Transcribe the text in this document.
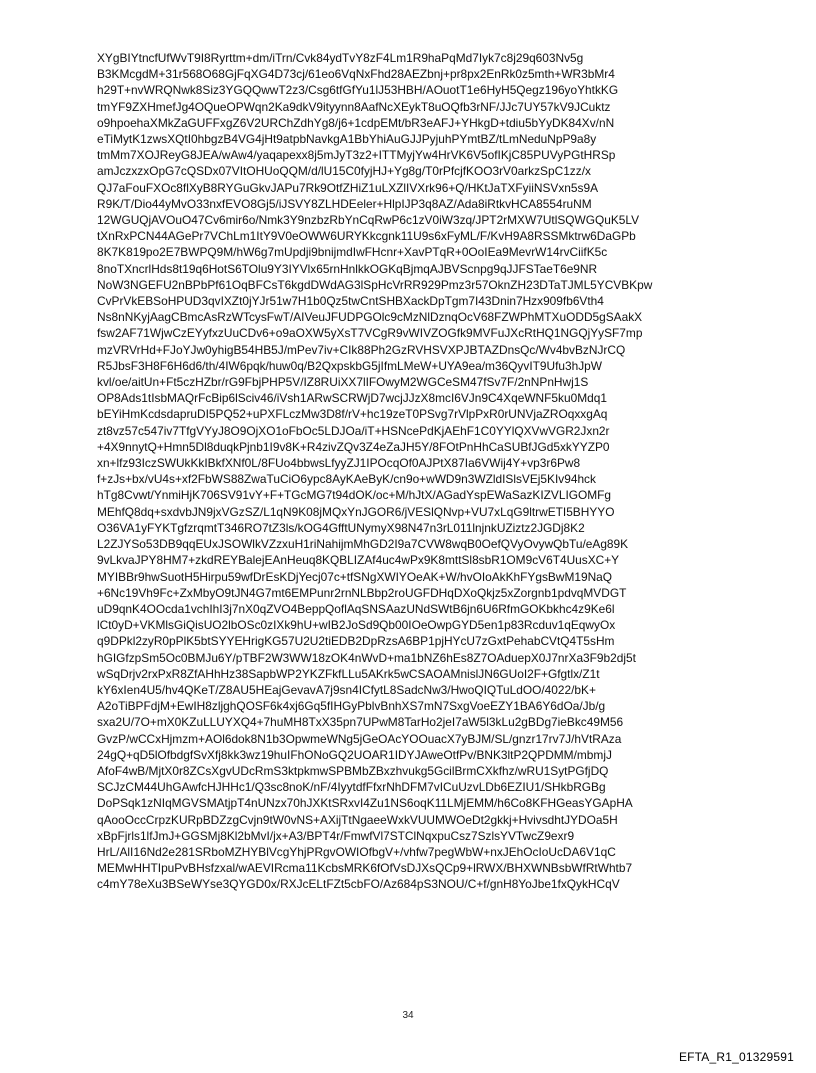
XYgBIYtncfUfWvT9I8Ryrttm+dm/iTrn/Cvk84ydTvY8zF4Lm1R9haPqMd7Iyk7c8j29q603Nv5g
B3KMcgdM+31r568O68GjFqXG4D73cj/61eo6VqNxFhd28AEZbnj+pr8px2EnRk0z5mth+WR3bMr4
h29T+nvWRQNwk8Siz3YGQQwwT2z3/Csg6tfGfYu1lJ53HBH/AOuotT1e6HyH5Qegz196yoYhtkKG
tmYF9ZXHmefJg4OQueOPWqn2Ka9dkV9ityynn8AafNcXEykT8uOQfb3rNF/JJc7UY57kV9JCuktz
o9hpoehaXMkZaGUFFxgZ6V2URChZdhYg8/j6+1cdpEMt/bR3eAFJ+YHkgD+tdiu5bYyDK84Xv/nN
eTiMytK1zwsXQtI0hbgzB4VG4jHt9atpbNavkgA1BbYhiAuGJJPyjuhPYmtBZ/tLmNeduNpP9a8y
tmMm7XOJReyG8JEA/wAw4/yaqapexx8j5mJyT3z2+ITTMyjYw4HrVK6V5ofIKjC85PUVyPGtHRSp
amJczxzxOpG7cQSDx07VItOHUoQQM/d/lU15C0fyjHJ+Yg8g/T0rPfcjfKOO3rV0arkzSpC1zz/x
QJ7aFouFXOc8flXyB8RYGuGkvJAPu7Rk9OtfZHiZ1uLXZlIVXrk96+Q/HKtJaTXFyiiNSVxn5s9A
R9K/T/Dio44yMvO33nxfEVO8Gj5/iJSVY8ZLHDEeler+HlpIJP3q8AZ/Ada8iRtkvHCA8554ruNM
12WGUQjAVOuO47Cv6mir6o/Nmk3Y9nzbzRbYnCqRwP6c1zV0iW3zq/JPT2rMXW7UtlSQWGQuK5LV
tXnRxPCN44AGePr7VChLm1ItY9V0eOWW6URYKkcgnk11U9s6xFyML/F/KvH9A8RSSMktrw6DaGPb
8K7K819po2E7BWPQ9M/hW6g7mUpdji9bnijmdIwFHcnr+XavPTqR+0OoIEa9MevrW14rvCiifK5c
8noTXncrlHds8t19q6HotS6TOlu9Y3IYVlx65rnHnlkkOGKqBjmqAJBVScnpg9qJJFSTaeT6e9NR
NoW3NGEFU2nBPbPf61OqBFCsT6kgdDWdAG3lSpHcVrRR929Pmz3r57OknZH23DTaTJML5YCVBKpw
CvPrVkEBSoHPUD3qvIXZt0jYJr51w7H1b0Qz5twCntSHBXackDpTgm7I43Dnin7Hzx909fb6Vth4
Ns8nNKyjAagCBmcAsRzWTcysFwT/AIVeuJFUDPGOlc9cMzNlDznqOcV68FZWPhMTXuODD5gSAakX
fsw2AF71WjwCzEYyfxzUuCDv6+o9aOXW5yXsT7VCgR9vWIVZOGfk9MVFuJXcRtHQ1NGQjYySF7mp
mzVRVrHd+FJoYJw0yhigB54HB5J/mPev7iv+CIk88Ph2GzRVHSVXPJBTAZDnsQc/Wv4bvBzNJrCQ
R5JbsF3H8F6H6d6/th/4IW6pqk/huw0q/B2QxpskbG5jIfmLMeW+UYA9ea/m36QyvIT9Ufu3hJpW
kvl/oe/aitUn+Ft5czHZbr/rG9FbjPHP5V/IZ8RUiXX7lIFOwyM2WGCeSM47fSv7F/2nNPnHwj1S
OP8Ads1tIsbMAQrFcBip6lSciv46/iVsh1ARwSCRWjD7wcjJJzX8mcI6VJn9C4XqeWNF5ku0Mdq1
bEYiHmKcdsdapruDI5PQ52+uPXFLczMw3D8f/rV+hc19zeT0PSvg7rVlpPxR0rUNVjaZROqxxgAq
zt8vz57c547iv7TfgVYyJ8O9OjXO1oFbOc5LDJOa/iT+HSNcePdKjAEhF1C0YYlQXVwVGR2Jxn2r
+4X9nnytQ+Hmn5Dl8duqkPjnb1I9v8K+R4zivZQv3Z4eZaJH5Y/8FOtPnHhCaSUBfJGd5xkYYZP0
xn+lfz93IczSWUkKkIBkfXNf0L/8FUo4bbwsLfyyZJ1IPOcqOf0AJPtX87Ia6VWij4Y+vp3r6Pw8
f+zJs+bx/vU4s+xf2FbWS88ZwaTuCiO6ypc8AyKAeByK/cn9o+wWD9n3WZldISlsVEj5KIv94hck
hTg8Cvwt/YnmiHjK706SV91vY+F+TGcMG7t94dOK/oc+M/hJtX/AGadYspEWaSazKIZVLIGOMFg
MEhfQ8dq+sxdvbJN9jxVGzSZ/L1qN9K08jMQxYnJGOR6/jVESlQNvp+VU7xLqG9ltrwETI5BHYYO
O36VA1yFYKTgfzrqmtT346RO7tZ3ls/kOG4GfftUNymyX98N47n3rL011lnjnkUZiztz2JGDj8K2
L2ZJYSo53DB9qqEUxJSOWlkVZzxuH1riNahijmMhGD2I9a7CVW8wqB0OefQVyOvywQbTu/eAg89K
9vLkvaJPY8HM7+zkdREYBalejEAnHeuq8KQBLIZAf4uc4wPx9K8mttSl8sbR1OM9cV6T4UusXC+Y
MYIBBr9hwSuotH5Hirpu59wfDrEsKDjYecj07c+tfSNgXWIYOeAK+W/hvOIoAkKhFYgsBwM19NaQ
+6Nc19Vh9Fc+ZxMbyO9tJN4G7mt6EMPunr2rnNLBbp2roUGFDHqDXoQkjz5xZorgnb1pdvqMVDGT
uD9qnK4OOcda1vchIhI3j7nX0qZVO4BeppQoflAqSNSAazUNdSWtB6jn6U6RfmGOKbkhc4z9Ke6l
lCt0yD+VKMlsGiQisUO2lbOSc0zIXk9hU+wIB2JoSd9Qb00IOeOwpGYD5en1p83Rcduv1qEqwyOx
q9DPkl2zyR0pPlK5btSYYEHrigKG57U2U2tiEDB2DpRzsA6BP1pjHYcU7zGxtPehabCVtQ4T5sHm
hGIGfzpSm5Oc0BMJu6Y/pTBF2W3WW18zOK4nWvD+ma1bNZ6hEs8Z7OAduepX0J7nrXa3F9b2dj5t
wSqDrjv2rxPxR8ZfAHhHz38SapbWP2YKZFkfLLu5AKrk5wCSAOAMnislJN6GUoI2F+Gfgtlx/Z1t
kY6xIen4U5/hv4QKeT/Z8AU5HEajGevavA7j9sn4ICfytL8SadcNw3/HwoQIQTuLdOO/4022/bK+
A2oTiBPFdjM+EwIH8zljghQOSF6k4xj6Gq5fIHGyPblvBnhXS7mN7SxgVoeEZY1BA6Y6dOa/Jb/g
sxa2U/7O+mX0KZuLLUYXQ4+7huMH8TxX35pn7UPwM8TarHo2jeI7aW5l3kLu2gBDg7ieBkc49M56
GvzP/wCCxHjmzm+AOl6dok8N1b3OpwmeWNg5jGeOAcYOOuacX7yBJM/SL/gnzr17rv7J/hVtRAza
24gQ+qD5lOfbdgfSvXfj8kk3wz19huIFhONoGQ2UOAR1IDYJAweOtfPv/BNK3ltP2QPDMM/mbmjJ
AfoF4wB/MjtX0r8ZCsXgvUDcRmS3ktpkmwSPBMbZBxzhvukg5GcilBrmCXkfhz/wRU1SytPGfjDQ
SCJzCM44UhGAwfcHJHHc1/Q3sc8noK/nF/4IyytdfFfxrNhDFM7vICuUzvLDb6EZIU1/SHkbRGBg
DoPSqk1zNIqMGVSMAtjpT4nUNzx70hJXKtSRxvI4Zu1NS6oqK11LMjEMM/h6Co8KFHGeasYGApHA
qAooOccCrpzKURpBDZzgCvjn9tW0vNS+AXijTtNgaeeWxkVUUMWOeDt2gkkj+HvivsdhtJYDOa5H
xBpFjrls1lfJmJ+GGSMj8Kl2bMvI/jx+A3/BPT4r/FmwfVl7STClNqxpuCsz7SzlsYVTwcZ9exr9
HrL/AlI16Nd2e281SRboMZHYBlVcgYhjPRgvOWIOfbgV+/vhfw7pegWbW+nxJEhOcIoUcDA6V1qC
MEMwHHTIpuPvBHsfzxal/wAEVIRcma11KcbsMRK6fOfVsDJXsQCp9+lRWX/BHXWNBsbWfRtWhtb7
c4mY78eXu3BSeWYse3QYGD0x/RXJcELtFZt5cbFO/Az684pS3NOU/C+f/gnH8YoJbe1fxQykHCqV
34
EFTA_R1_01329591
